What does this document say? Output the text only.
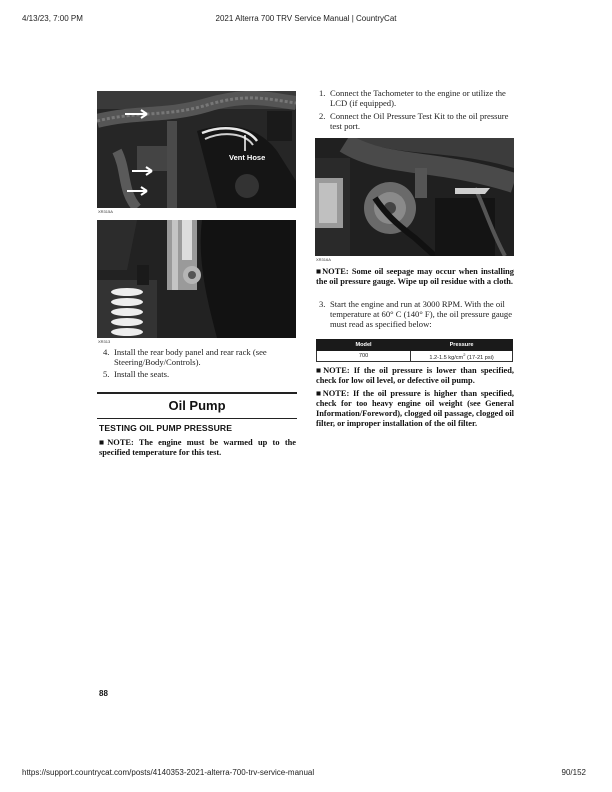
4/13/23, 7:00 PM	2021 Alterra 700 TRV Service Manual | CountryCat
Vent Hose
XR315A
XR313
4. Install the rear body panel and rear rack (see Steering/Body/Controls).
5. Install the seats.
Oil Pump
TESTING OIL PUMP PRESSURE
■NOTE: The engine must be warmed up to the specified temperature for this test.
88
1. Connect the Tachometer to the engine or utilize the LCD (if equipped).
2. Connect the Oil Pressure Test Kit to the oil pressure test port.
XR316A
■NOTE: Some oil seepage may occur when installing the oil pressure gauge. Wipe up oil residue with a cloth.
3. Start the engine and run at 3000 RPM. With the oil temperature at 60° C (140° F), the oil pressure gauge must read as specified below:
Model	Pressure
700	1.2-1.5 $kg/cm^2$ (17-21 psi)
■NOTE: If the oil pressure is lower than specified, check for low oil level, or defective oil pump.
■NOTE: If the oil pressure is higher than specified, check for too heavy engine oil weight (see General Information/Foreword), clogged oil passage, clogged oil filter, or improper installation of the oil filter.
https://support.countrycat.com/posts/4140353-2021-alterra-700-trv-service-manual	90/152
